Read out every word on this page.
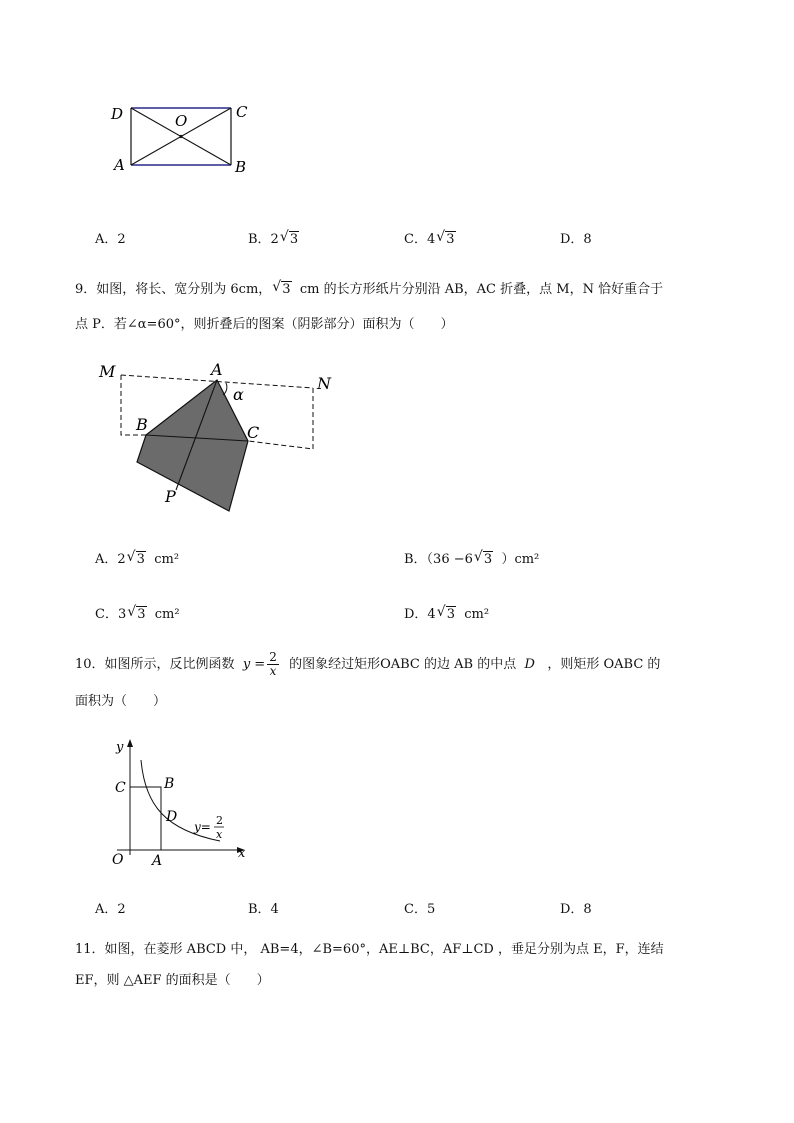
D	C
O
A	B
A．2	B．2 √ 3	C．4 √ 3	D．8
9．如图，将长、宽分别为 6cm， √ 3 cm 的长方形纸片分别沿 AB，AC 折叠，点 M，N 恰好重合于
点 P．若∠α=60°，则折叠后的图案（阴影部分）面积为（　　）
M	A
N
α
B	C
P
A．2 √ 3 cm²	B．（36 −6 √ 3 ）cm²
C．3 √ 3 cm²	D．4 √ 3 cm²
10．如图所示，反比例函数 $y = \frac{2}{x}$ 的图象经过矩形OABC 的边 AB 的中点 D ，则矩形 OABC 的
面积为（　　）
y
x
C	B
D
O A
y= 2
x
A．2	B．4	C．5	D．8
11．如图，在菱形 ABCD 中， AB=4，∠B=60°，AE⊥BC，AF⊥CD ，垂足分别为点 E，F，连结
EF，则 △AEF 的面积是（　　）
